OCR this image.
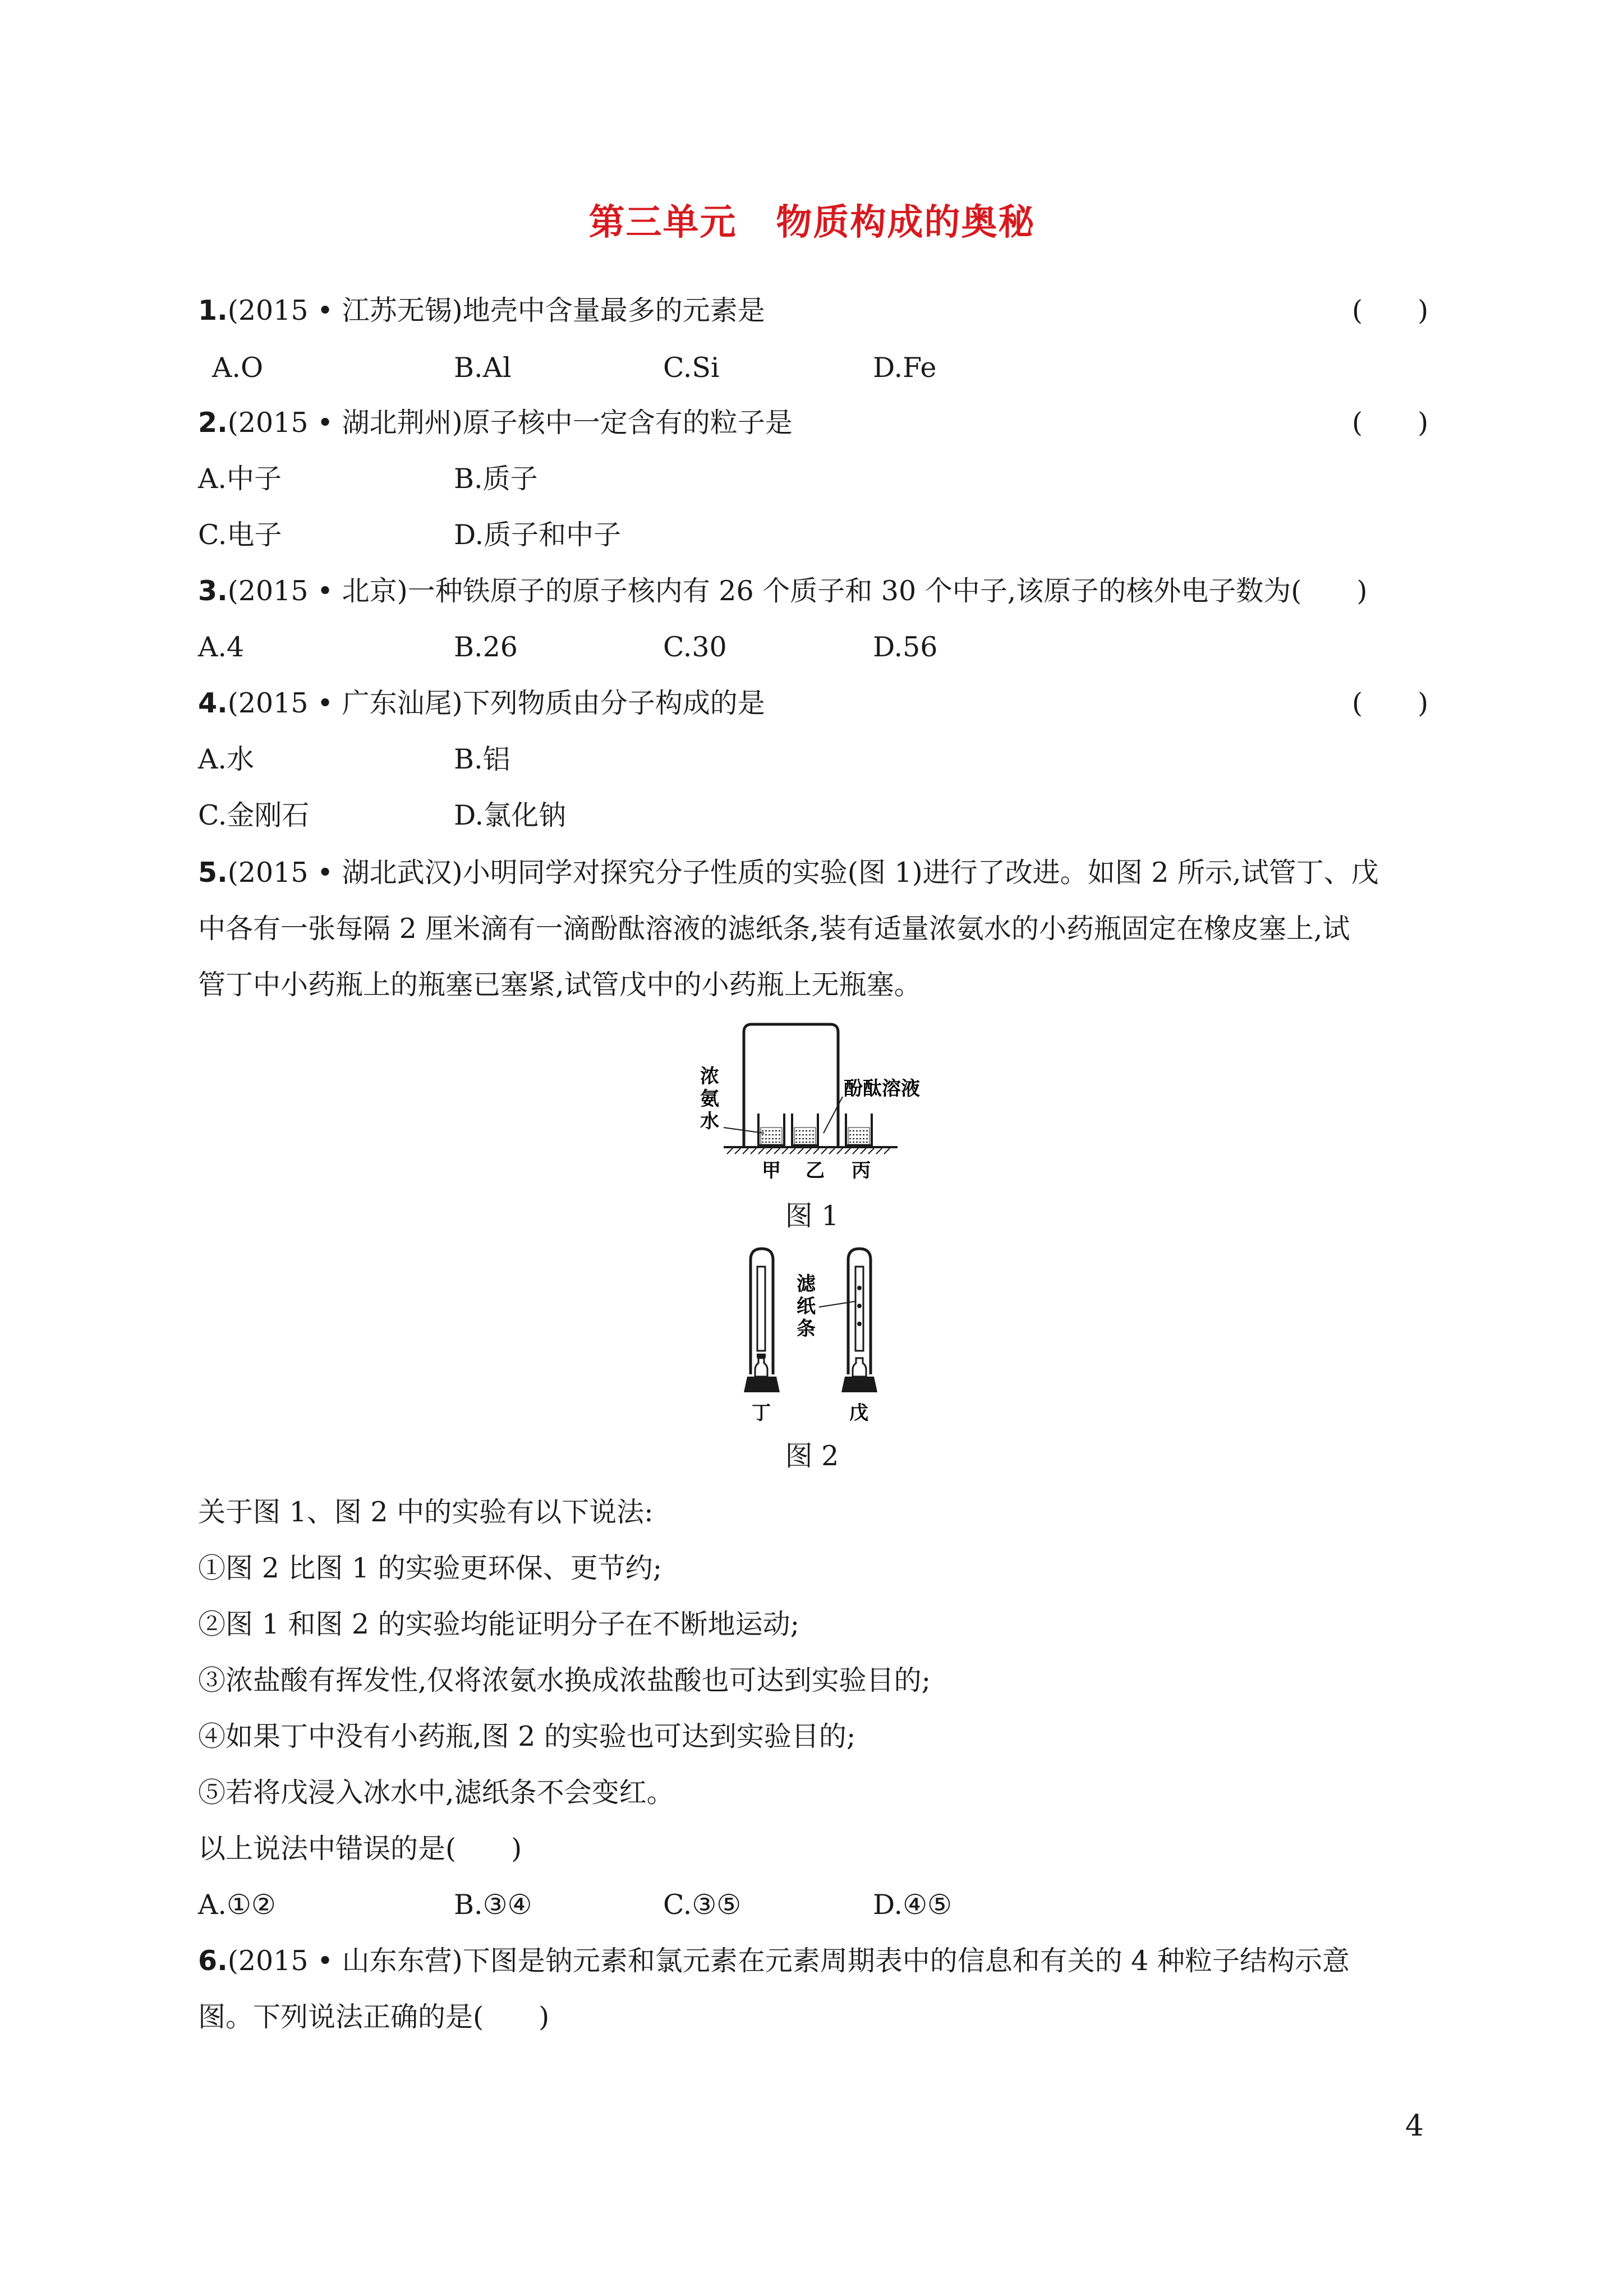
第三单元 物质构成的奥秘
1.(2015 • 江苏无锡)地壳中含量最多的元素是	(　　)
A.O	B.Al	C.Si	D.Fe
2.(2015 • 湖北荆州)原子核中一定含有的粒子是	(　　)
A.中子	B.质子
C.电子	D.质子和中子
3.(2015 • 北京)一种铁原子的原子核内有 26 个质子和 30 个中子,该原子的核外电子数为(　　)
A.4	B.26	C.30	D.56
4.(2015 • 广东汕尾)下列物质由分子构成的是	(　　)
A.水	B.铝
C.金刚石	D.氯化钠
5.(2015 • 湖北武汉)小明同学对探究分子性质的实验(图 1)进行了改进。如图 2 所示,试管丁、戊
中各有一张每隔 2 厘米滴有一滴酚酞溶液的滤纸条,装有适量浓氨水的小药瓶固定在橡皮塞上,试
管丁中小药瓶上的瓶塞已塞紧,试管戊中的小药瓶上无瓶塞。
浓
氨
水
酚酞溶液
甲 乙 丙
图 1
滤
纸
条
丁	戊
图 2
关于图 1、图 2 中的实验有以下说法:
①图 2 比图 1 的实验更环保、更节约;
②图 1 和图 2 的实验均能证明分子在不断地运动;
③浓盐酸有挥发性,仅将浓氨水换成浓盐酸也可达到实验目的;
④如果丁中没有小药瓶,图 2 的实验也可达到实验目的;
⑤若将戊浸入冰水中,滤纸条不会变红。
以上说法中错误的是(　　)
A.①②	B.③④	C.③⑤	D.④⑤
6.(2015 • 山东东营)下图是钠元素和氯元素在元素周期表中的信息和有关的 4 种粒子结构示意
图。下列说法正确的是(　　)
4
